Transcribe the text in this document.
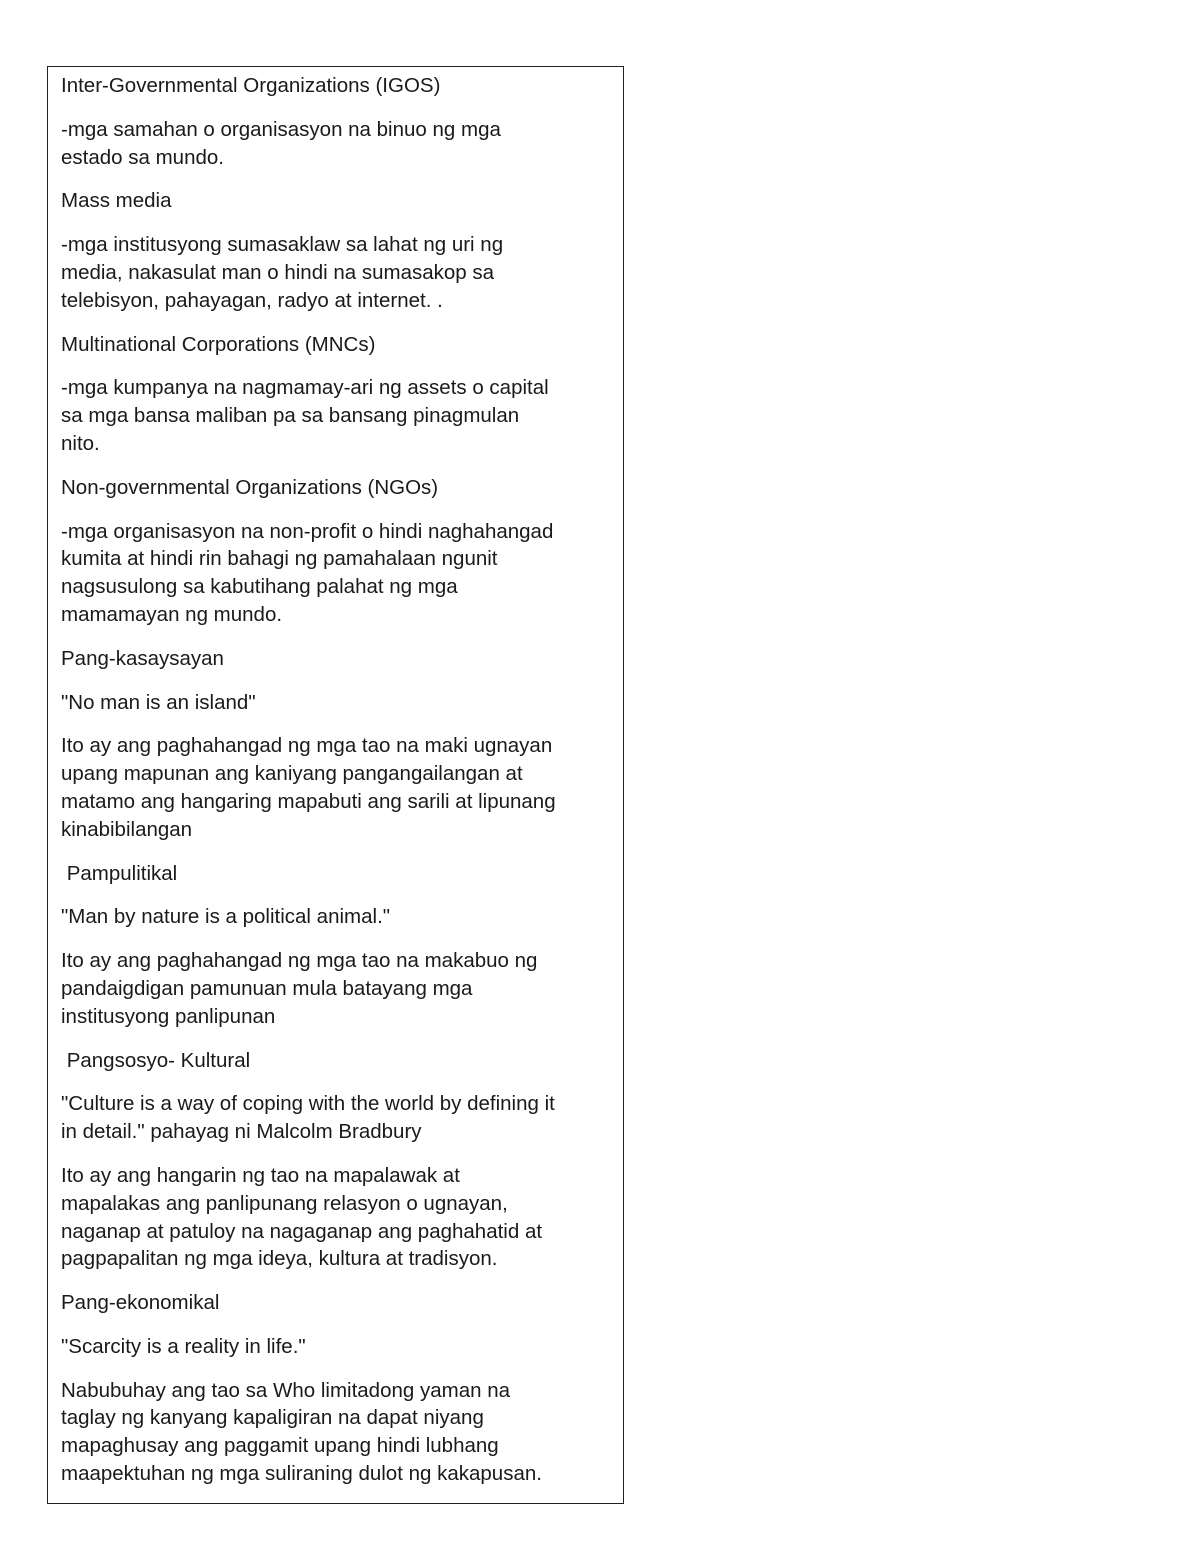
Inter-Governmental Organizations (IGOS)

-mga samahan o organisasyon na binuo ng mga
estado sa mundo.

Mass media

-mga institusyong sumasaklaw sa lahat ng uri ng
media, nakasulat man o hindi na sumasakop sa
telebisyon, pahayagan, radyo at internet. .

Multinational Corporations (MNCs)

-mga kumpanya na nagmamay-ari ng assets o capital
sa mga bansa maliban pa sa bansang pinagmulan
nito.

Non-governmental Organizations (NGOs)

-mga organisasyon na non-profit o hindi naghahangad
kumita at hindi rin bahagi ng pamahalaan ngunit
nagsusulong sa kabutihang palahat ng mga
mamamayan ng mundo.

Pang-kasaysayan

"No man is an island"

Ito ay ang paghahangad ng mga tao na maki ugnayan
upang mapunan ang kaniyang pangangailangan at
matamo ang hangaring mapabuti ang sarili at lipunang
kinabibilangan

Pampulitikal

"Man by nature is a political animal."

Ito ay ang paghahangad ng mga tao na makabuo ng
pandaigdigan pamunuan mula batayang mga
institusyong panlipunan

Pangsosyo- Kultural

"Culture is a way of coping with the world by defining it
in detail." pahayag ni Malcolm Bradbury

Ito ay ang hangarin ng tao na mapalawak at
mapalakas ang panlipunang relasyon o ugnayan,
naganap at patuloy na nagaganap ang paghahatid at
pagpapalitan ng mga ideya, kultura at tradisyon.

Pang-ekonomikal

"Scarcity is a reality in life."

Nabubuhay ang tao sa Who limitadong yaman na
taglay ng kanyang kapaligiran na dapat niyang
mapaghusay ang paggamit upang hindi lubhang
maapektuhan ng mga suliraning dulot ng kakapusan.
